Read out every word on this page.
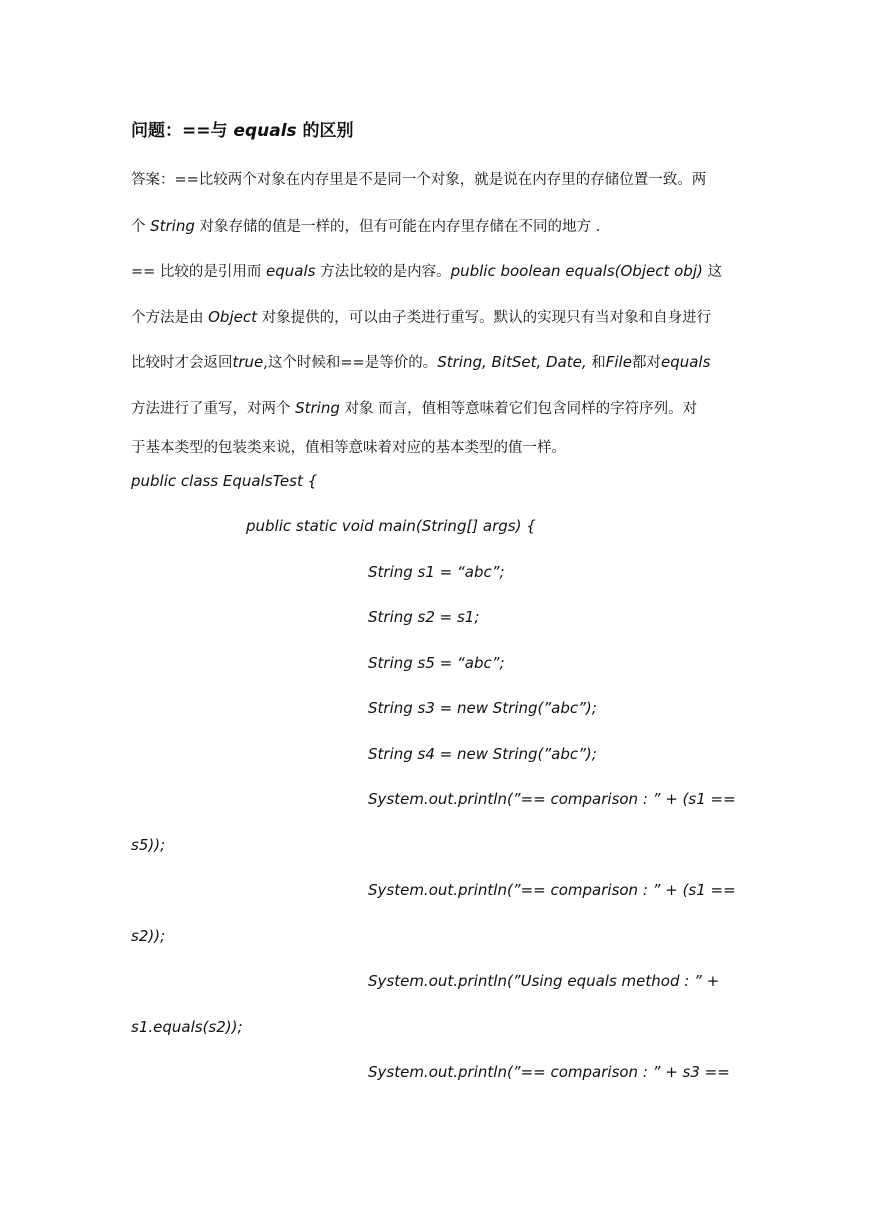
问题：==与 equals 的区别
答案：==比较两个对象在内存里是不是同一个对象，就是说在内存里的存储位置一致。两
个 String 对象存储的值是一样的，但有可能在内存里存储在不同的地方 .
== 比较的是引用而 equals 方法比较的是内容。public boolean equals(Object obj) 这
个方法是由 Object 对象提供的，可以由子类进行重写。默认的实现只有当对象和自身进行
比较时才会返回true,这个时候和==是等价的。String, BitSet, Date, 和File都对equals
方法进行了重写，对两个 String 对象 而言，值相等意味着它们包含同样的字符序列。对
于基本类型的包装类来说，值相等意味着对应的基本类型的值一样。
public class EqualsTest {
public static void main(String[] args) {
String s1 = “abc”;
String s2 = s1;
String s5 = “abc”;
String s3 = new String(”abc”);
String s4 = new String(”abc”);
System.out.println(”== comparison : ” + (s1 ==
s5));
System.out.println(”== comparison : ” + (s1 ==
s2));
System.out.println(”Using equals method : ” +
s1.equals(s2));
System.out.println(”== comparison : ” + s3 ==
